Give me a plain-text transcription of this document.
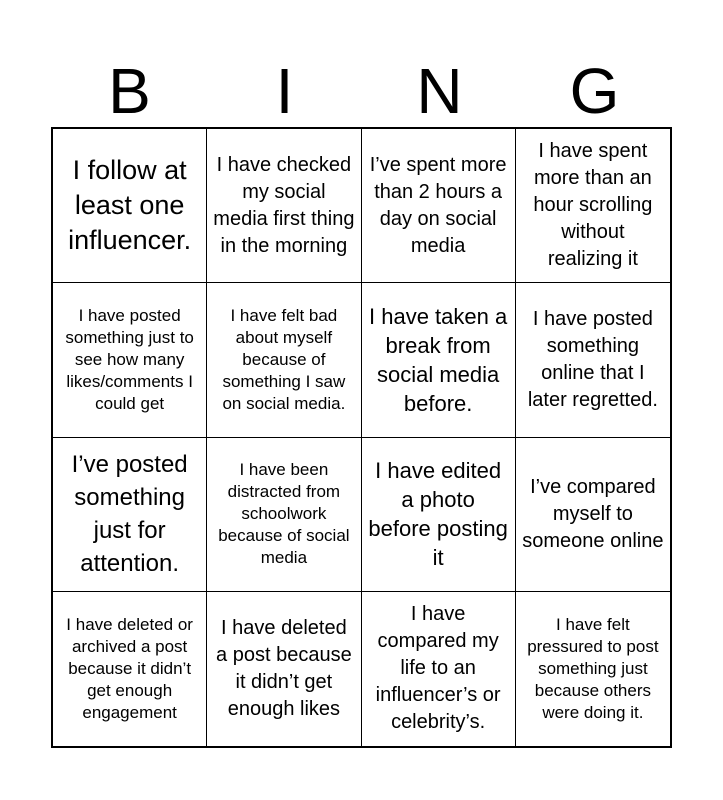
B	I	N	G
I follow at least one influencer.
I have checked my social media first thing in the morning
I’ve spent more than 2 hours a day on social media
I have spent more than an hour scrolling without realizing it
I have posted something just to see how many likes/comments I could get
I have felt bad about myself because of something I saw on social media.
I have taken a break from social media before.
I have posted something online that I later regretted.
I’ve posted something just for attention.
I have been distracted from schoolwork because of social media
I have edited a photo before posting it
I’ve compared myself to someone online
I have deleted or archived a post because it didn’t get enough engagement
I have deleted a post because it didn’t get enough likes
I have compared my life to an influencer’s or celebrity’s.
I have felt pressured to post something just because others were doing it.
